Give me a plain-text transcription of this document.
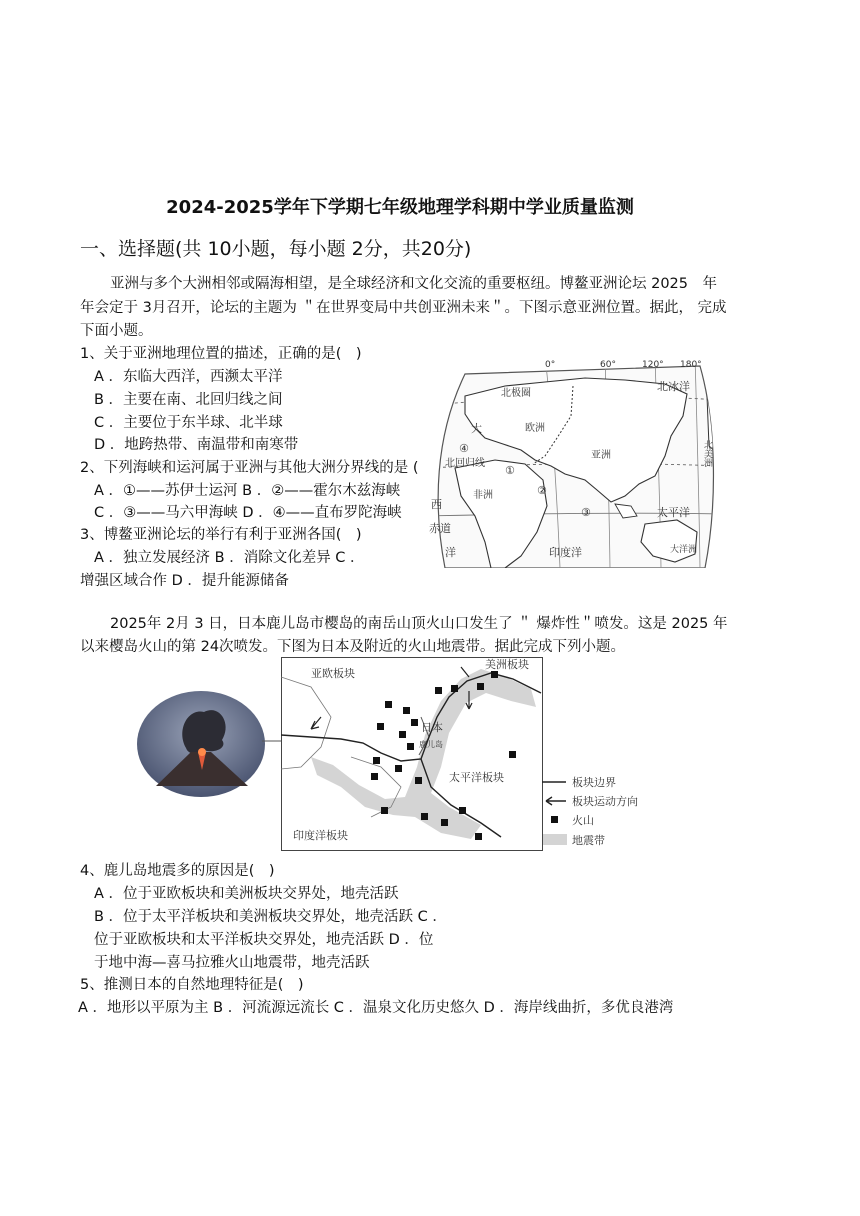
2024-2025学年下学期七年级地理学科期中学业质量监测
一、选择题(共 10小题，每小题 2分，共20分)
亚洲与多个大洲相邻或隔海相望，是全球经济和文化交流的重要枢纽。博鳌亚洲论坛 2025　年
年会定于 3月召开，论坛的主题为 ＂在世界变局中共创亚洲未来＂。下图示意亚洲位置。据此， 完成
下面小题。
1、关于亚洲地理位置的描述，正确的是(　)
A ．东临大西洋，西濒太平洋
B ．主要在南、北回归线之间
C ．主要位于东半球、北半球
D ．地跨热带、南温带和南寒带
2、下列海峡和运河属于亚洲与其他大洲分界线的是 (
A ．①——苏伊士运河 B ．②——霍尔木兹海峡
C ．③——马六甲海峡 D ．④——直布罗陀海峡
3、博鳌亚洲论坛的举行有利于亚洲各国(　)
A ．独立发展经济 B ．消除文化差异 C ．
增强区域合作 D ．提升能源储备
0°	60°	120° 180°
北极圈
北冰洋
欧洲
亚洲
非洲
北回归线
太平洋
印度洋	大洋洲
北美洲
大
西
赤道
洋
①
②
③
④
2025年 2月 3 日，日本鹿儿岛市樱岛的南岳山顶火山口发生了 ＂ 爆炸性＂喷发。这是 2025 年
以来樱岛火山的第 24次喷发。下图为日本及附近的火山地震带。据此完成下列小题。
亚欧板块
美洲板块
日本
鹿儿岛
太平洋板块
印度洋板块
板块边界
板块运动方向
火山
地震带
4、鹿儿岛地震多的原因是(　)
A ．位于亚欧板块和美洲板块交界处，地壳活跃
B ．位于太平洋板块和美洲板块交界处，地壳活跃 C ．
位于亚欧板块和太平洋板块交界处，地壳活跃 D ．位
于地中海—喜马拉雅火山地震带，地壳活跃
5、推测日本的自然地理特征是(　)
A ．地形以平原为主 B ．河流源远流长 C ．温泉文化历史悠久 D ．海岸线曲折，多优良港湾
